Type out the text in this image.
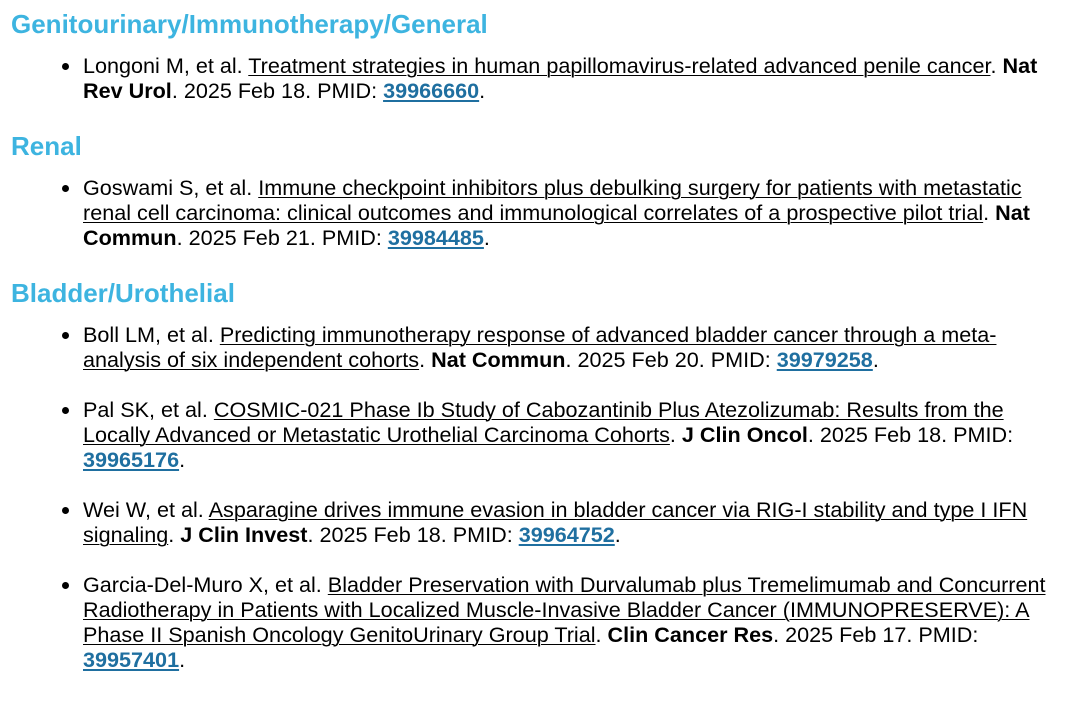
Genitourinary/Immunotherapy/General
Longoni M, et al. Treatment strategies in human papillomavirus-related advanced penile cancer. Nat Rev Urol. 2025 Feb 18. PMID: 39966660.
Renal
Goswami S, et al. Immune checkpoint inhibitors plus debulking surgery for patients with metastatic renal cell carcinoma: clinical outcomes and immunological correlates of a prospective pilot trial. Nat Commun. 2025 Feb 21. PMID: 39984485.
Bladder/Urothelial
Boll LM, et al. Predicting immunotherapy response of advanced bladder cancer through a meta-analysis of six independent cohorts. Nat Commun. 2025 Feb 20. PMID: 39979258.
Pal SK, et al. COSMIC-021 Phase Ib Study of Cabozantinib Plus Atezolizumab: Results from the Locally Advanced or Metastatic Urothelial Carcinoma Cohorts. J Clin Oncol. 2025 Feb 18. PMID: 39965176.
Wei W, et al. Asparagine drives immune evasion in bladder cancer via RIG-I stability and type I IFN signaling. J Clin Invest. 2025 Feb 18. PMID: 39964752.
Garcia-Del-Muro X, et al. Bladder Preservation with Durvalumab plus Tremelimumab and Concurrent Radiotherapy in Patients with Localized Muscle-Invasive Bladder Cancer (IMMUNOPRESERVE): A Phase II Spanish Oncology GenitoUrinary Group Trial. Clin Cancer Res. 2025 Feb 17. PMID: 39957401.
